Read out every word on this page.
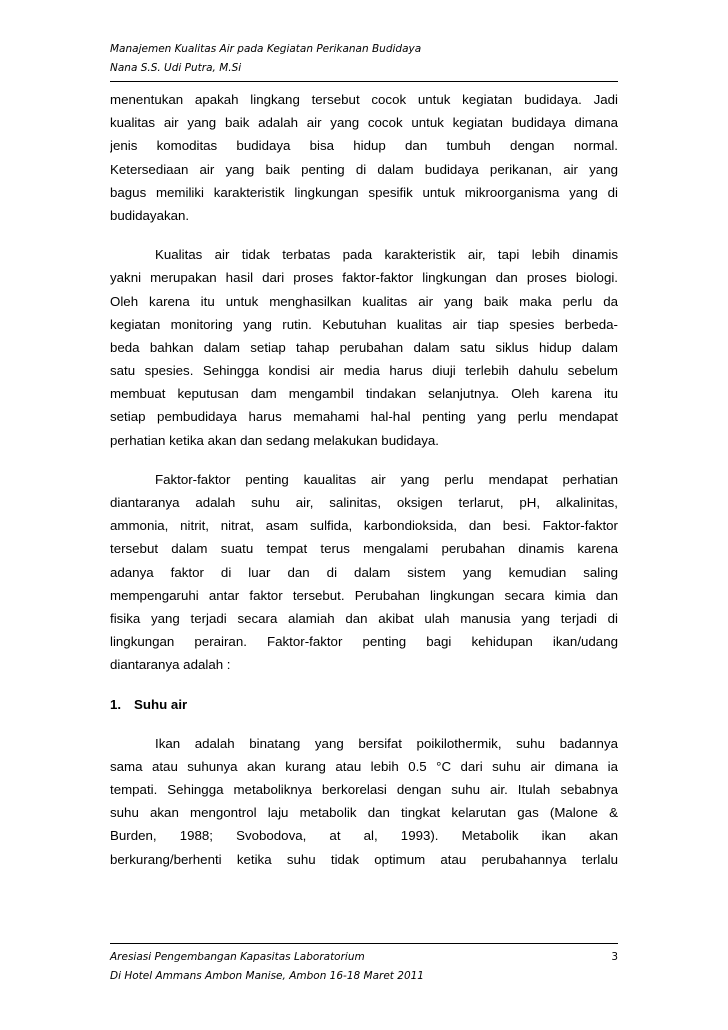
Manajemen Kualitas Air pada Kegiatan Perikanan Budidaya
Nana S.S. Udi Putra, M.Si
menentukan apakah lingkang tersebut cocok untuk kegiatan budidaya. Jadi
kualitas air yang baik adalah air yang cocok untuk kegiatan budidaya dimana
jenis komoditas budidaya bisa hidup dan tumbuh dengan normal.
Ketersediaan air yang baik penting di dalam budidaya perikanan, air yang
bagus memiliki karakteristik lingkungan spesifik untuk mikroorganisma yang di
budidayakan.
Kualitas air tidak terbatas pada karakteristik air, tapi lebih dinamis
yakni merupakan hasil dari proses faktor-faktor lingkungan dan proses biologi.
Oleh karena itu untuk menghasilkan kualitas air yang baik maka perlu da
kegiatan monitoring yang rutin. Kebutuhan kualitas air tiap spesies berbeda-
beda bahkan dalam setiap tahap perubahan dalam satu siklus hidup dalam
satu spesies. Sehingga kondisi air media harus diuji terlebih dahulu sebelum
membuat keputusan dam mengambil tindakan selanjutnya. Oleh karena itu
setiap pembudidaya harus memahami hal-hal penting yang perlu mendapat
perhatian ketika akan dan sedang melakukan budidaya.
Faktor-faktor penting kaualitas air yang perlu mendapat perhatian
diantaranya adalah suhu air, salinitas, oksigen terlarut, pH, alkalinitas,
ammonia, nitrit, nitrat, asam sulfida, karbondioksida, dan besi. Faktor-faktor
tersebut dalam suatu tempat terus mengalami perubahan dinamis karena
adanya faktor di luar dan di dalam sistem yang kemudian saling
mempengaruhi antar faktor tersebut. Perubahan lingkungan secara kimia dan
fisika yang terjadi secara alamiah dan akibat ulah manusia yang terjadi di
lingkungan perairan. Faktor-faktor penting bagi kehidupan ikan/udang
diantaranya adalah :
1. Suhu air
Ikan adalah binatang yang bersifat poikilothermik, suhu badannya
sama atau suhunya akan kurang atau lebih 0.5 °C dari suhu air dimana ia
tempati. Sehingga metaboliknya berkorelasi dengan suhu air. Itulah sebabnya
suhu akan mengontrol laju metabolik dan tingkat kelarutan gas (Malone &
Burden, 1988; Svobodova, at al, 1993). Metabolik ikan akan
berkurang/berhenti ketika suhu tidak optimum atau perubahannya terlalu
Aresiasi Pengembangan Kapasitas Laboratorium
Di Hotel Ammans Ambon Manise, Ambon 16-18 Maret 2011
3
